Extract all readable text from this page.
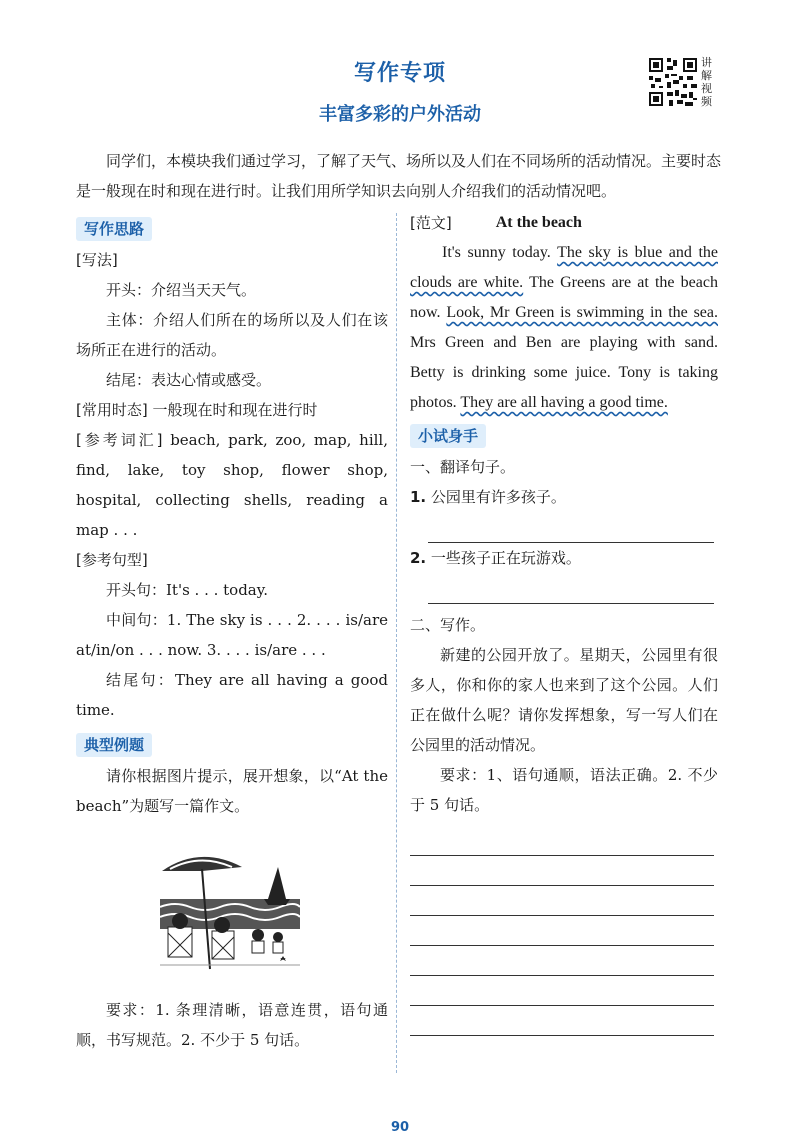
写作专项
丰富多彩的户外活动
讲解视频
同学们，本模块我们通过学习，了解了天气、场所以及人们在不同场所的活动情况。主要时态是一般现在时和现在进行时。让我们用所学知识去向别人介绍我们的活动情况吧。
写作思路

[写法]

开头：介绍当天天气。

主体：介绍人们所在的场所以及人们在该场所正在进行的活动。

结尾：表达心情或感受。

[常用时态] 一般现在时和现在进行时

[参考词汇] beach, park, zoo, map, hill, find, lake, toy shop, flower shop, hospital, collecting shells, reading a map . . .

[参考句型]

开头句：It's . . . today.

中间句：1. The sky is . . . 2. . . . is/are at/in/on . . . now. 3. . . . is/are . . .

结尾句：They are all having a good time.

典型例题

请你根据图片提示，展开想象，以“At the beach”为题写一篇作文。

要求：1. 条理清晰，语意连贯，语句通顺，书写规范。2. 不少于 5 句话。

[范文]	At the beach

It's sunny today. The sky is blue and the clouds are white. The Greens are at the beach now. Look, Mr Green is swimming in the sea. Mrs Green and Ben are playing with sand. Betty is drinking some juice. Tony is taking photos. They are all having a good time.

小试身手

一、翻译句子。

1. 公园里有许多孩子。

2. 一些孩子正在玩游戏。

二、写作。

新建的公园开放了。星期天，公园里有很多人，你和你的家人也来到了这个公园。人们正在做什么呢？请你发挥想象，写一写人们在公园里的活动情况。

要求：1、语句通顺，语法正确。2. 不少于 5 句话。

90
